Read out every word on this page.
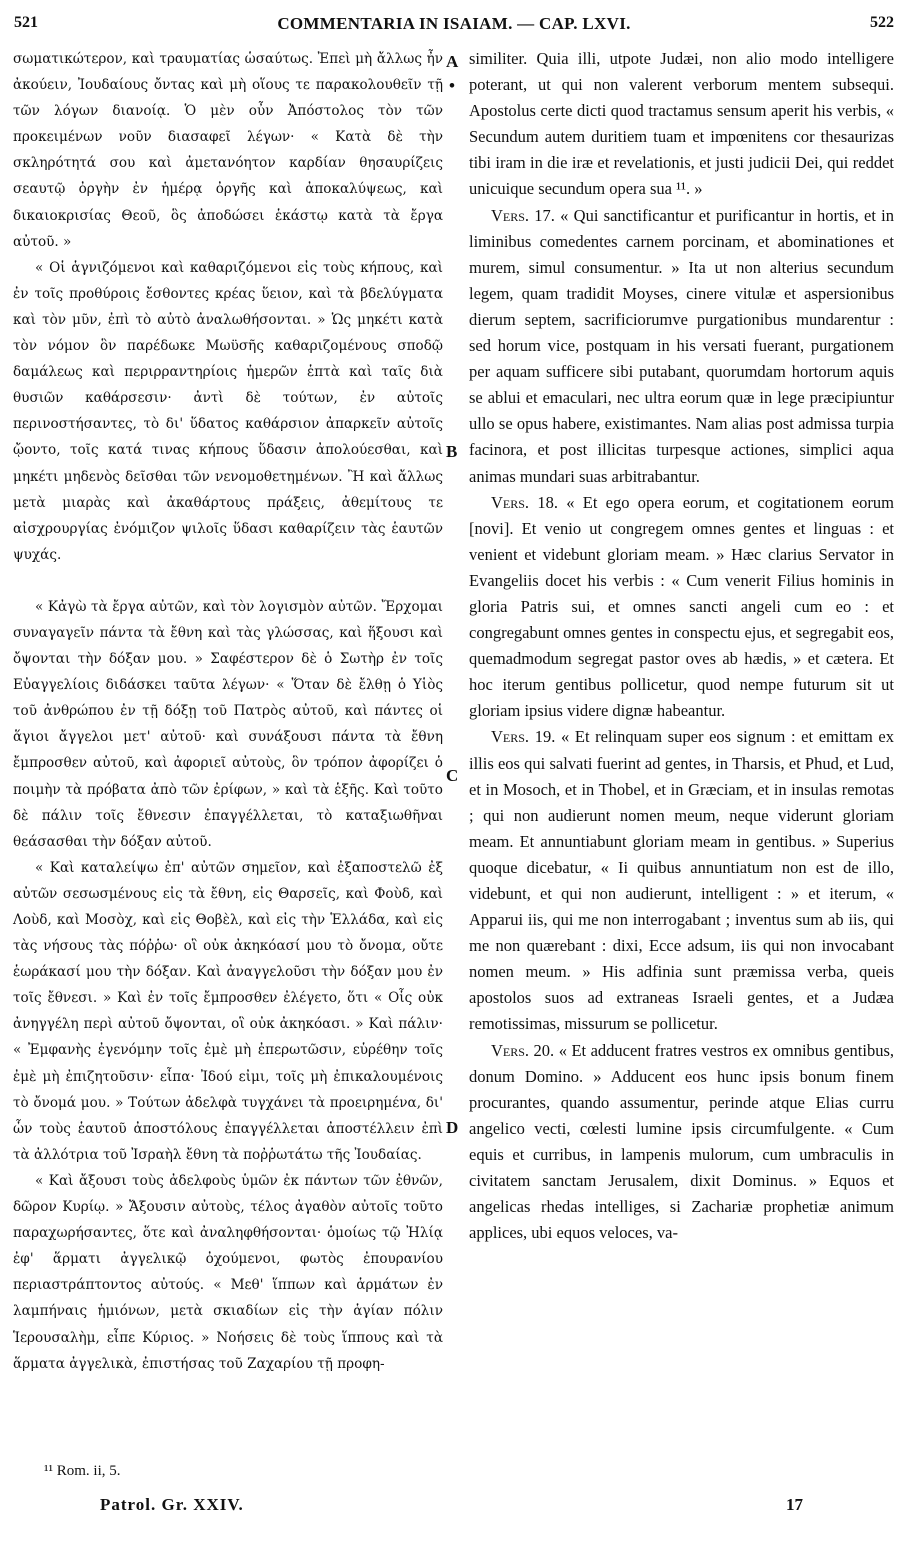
521	COMMENTARIA IN ISAIAM. — CAP. LXVI.	522

σωματικώτερον, καὶ τραυματίας ὡσαύτως. Ἐπεὶ μὴ ἄλλως ἦν ἀκούειν, Ἰουδαίους ὄντας καὶ μὴ οἵους τε παρακολουθεῖν τῇ τῶν λόγων διανοίᾳ. Ὁ μὲν οὖν Ἀπόστολος τὸν τῶν προκειμένων νοῦν διασαφεῖ λέγων· « Κατὰ δὲ τὴν σκληρότητά σου καὶ ἀμετανόητον καρδίαν θησαυρίζεις σεαυτῷ ὀργὴν ἐν ἡμέρᾳ ὀργῆς καὶ ἀποκαλύψεως, καὶ δικαιοκρισίας Θεοῦ, ὃς ἀποδώσει ἑκάστῳ κατὰ τὰ ἔργα αὐτοῦ. »

« Οἱ ἁγνιζόμενοι καὶ καθαριζόμενοι εἰς τοὺς κήπους, καὶ ἐν τοῖς προθύροις ἔσθοντες κρέας ὕειον, καὶ τὰ βδελύγματα καὶ τὸν μῦν, ἐπὶ τὸ αὐτὸ ἀναλωθήσονται. » Ὡς μηκέτι κατὰ τὸν νόμον ὃν παρέδωκε Μωϋσῆς καθαριζομένους σποδῷ δαμάλεως καὶ περιρραντηρίοις ἡμερῶν ἑπτὰ καὶ ταῖς διὰ θυσιῶν καθάρσεσιν· ἀντὶ δὲ τούτων, ἐν αὐτοῖς περινοστήσαντες, τὸ δι' ὕδατος καθάρσιον ἀπαρκεῖν αὐτοῖς ᾤοντο, τοῖς κατά τινας κήπους ὕδασιν ἀπολούεσθαι, καὶ μηκέτι μηδενὸς δεῖσθαι τῶν νενομοθετημένων. Ἢ καὶ ἄλλως μετὰ μιαρὰς καὶ ἀκαθάρτους πράξεις, ἀθεμίτους τε αἰσχρουργίας ἐνόμιζον ψιλοῖς ὕδασι καθαρίζειν τὰς ἑαυτῶν ψυχάς.

« Κἀγὼ τὰ ἔργα αὐτῶν, καὶ τὸν λογισμὸν αὐτῶν. Ἔρχομαι συναγαγεῖν πάντα τὰ ἔθνη καὶ τὰς γλώσσας, καὶ ἥξουσι καὶ ὄψονται τὴν δόξαν μου. » Σαφέστερον δὲ ὁ Σωτὴρ ἐν τοῖς Εὐαγγελίοις διδάσκει ταῦτα λέγων· « Ὅταν δὲ ἔλθῃ ὁ Υἱὸς τοῦ ἀνθρώπου ἐν τῇ δόξῃ τοῦ Πατρὸς αὐτοῦ, καὶ πάντες οἱ ἅγιοι ἄγγελοι μετ' αὐτοῦ· καὶ συνάξουσι πάντα τὰ ἔθνη ἔμπροσθεν αὐτοῦ, καὶ ἀφοριεῖ αὐτοὺς, ὃν τρόπον ἀφορίζει ὁ ποιμὴν τὰ πρόβατα ἀπὸ τῶν ἐρίφων, » καὶ τὰ ἑξῆς. Καὶ τοῦτο δὲ πάλιν τοῖς ἔθνεσιν ἐπαγγέλλεται, τὸ καταξιωθῆναι θεάσασθαι τὴν δόξαν αὐτοῦ.

« Καὶ καταλείψω ἐπ' αὐτῶν σημεῖον, καὶ ἐξαποστελῶ ἐξ αὐτῶν σεσωσμένους εἰς τὰ ἔθνη, εἰς Θαρσεῖς, καὶ Φοὺδ, καὶ Λοὺδ, καὶ Μοσὸχ, καὶ εἰς Θοβὲλ, καὶ εἰς τὴν Ἑλλάδα, καὶ εἰς τὰς νήσους τὰς πόῤῥω· οἳ οὐκ ἀκηκόασί μου τὸ ὄνομα, οὔτε ἑωράκασί μου τὴν δόξαν. Καὶ ἀναγγελοῦσι τὴν δόξαν μου ἐν τοῖς ἔθνεσι. » Καὶ ἐν τοῖς ἔμπροσθεν ἐλέγετο, ὅτι « Οἷς οὐκ ἀνηγγέλη περὶ αὐτοῦ ὄψονται, οἳ οὐκ ἀκηκόασι. » Καὶ πάλιν· « Ἐμφανὴς ἐγενόμην τοῖς ἐμὲ μὴ ἐπερωτῶσιν, εὑρέθην τοῖς ἐμὲ μὴ ἐπιζητοῦσιν· εἶπα· Ἰδού εἰμι, τοῖς μὴ ἐπικαλουμένοις τὸ ὄνομά μου. » Τούτων ἀδελφὰ τυγχάνει τὰ προειρημένα, δι' ὧν τοὺς ἑαυτοῦ ἀποστόλους ἐπαγγέλλεται ἀποστέλλειν ἐπὶ τὰ ἀλλότρια τοῦ Ἰσραὴλ ἔθνη τὰ ποῤῥωτάτω τῆς Ἰουδαίας.

« Καὶ ἄξουσι τοὺς ἀδελφοὺς ὑμῶν ἐκ πάντων τῶν ἐθνῶν, δῶρον Κυρίῳ. » Ἄξουσιν αὐτοὺς, τέλος ἀγαθὸν αὐτοῖς τοῦτο παραχωρήσαντες, ὅτε καὶ ἀναληφθήσονται· ὁμοίως τῷ Ἠλίᾳ ἐφ' ἅρματι ἀγγελικῷ ὀχούμενοι, φωτὸς ἐπουρανίου περιαστράπτοντος αὐτούς. « Μεθ' ἵππων καὶ ἁρμάτων ἐν λαμπήναις ἡμιόνων, μετὰ σκιαδίων εἰς τὴν ἁγίαν πόλιν Ἱερουσαλὴμ, εἶπε Κύριος. » Νοήσεις δὲ τοὺς ἵππους καὶ τὰ ἅρματα ἀγγελικὰ, ἐπιστήσας τοῦ Ζαχαρίου τῇ προφη-

similiter. Quia illi, utpote Judæi, non alio modo intelligere poterant, ut qui non valerent verborum mentem subsequi. Apostolus certe dicti quod tractamus sensum aperit his verbis, « Secundum autem duritiem tuam et impœnitens cor thesaurizas tibi iram in die iræ et revelationis, et justi judicii Dei, qui reddet unicuique secundum opera sua ¹¹. »

Vers. 17. « Qui sanctificantur et purificantur in hortis, et in liminibus comedentes carnem porcinam, et abominationes et murem, simul consumentur. » Ita ut non alterius secundum legem, quam tradidit Moyses, cinere vitulæ et aspersionibus dierum septem, sacrificiorumve purgationibus mundarentur : sed horum vice, postquam in his versati fuerant, purgationem per aquam sufficere sibi putabant, quorumdam hortorum aquis se ablui et emaculari, nec ultra eorum quæ in lege præcipiuntur ullo se opus habere, existimantes. Nam alias post admissa turpia facinora, et post illicitas turpesque actiones, simplici aqua animas mundari suas arbitrabantur.

Vers. 18. « Et ego opera eorum, et cogitationem eorum [novi]. Et venio ut congregem omnes gentes et linguas : et venient et videbunt gloriam meam. » Hæc clarius Servator in Evangeliis docet his verbis : « Cum venerit Filius hominis in gloria Patris sui, et omnes sancti angeli cum eo : et congregabunt omnes gentes in conspectu ejus, et segregabit eos, quemadmodum segregat pastor oves ab hædis, » et cætera. Et hoc iterum gentibus pollicetur, quod nempe futurum sit ut gloriam ipsius videre dignæ habeantur.

Vers. 19. « Et relinquam super eos signum : et emittam ex illis eos qui salvati fuerint ad gentes, in Tharsis, et Phud, et Lud, et in Mosoch, et in Thobel, et in Græciam, et in insulas remotas ; qui non audierunt nomen meum, neque viderunt gloriam meam. Et annuntiabunt gloriam meam in gentibus. » Superius quoque dicebatur, « Ii quibus annuntiatum non est de illo, videbunt, et qui non audierunt, intelligent : » et iterum, « Apparui iis, qui me non interrogabant ; inventus sum ab iis, qui me non quærebant : dixi, Ecce adsum, iis qui non invocabant nomen meum. » His adfinia sunt præmissa verba, queis apostolos suos ad extraneas Israeli gentes, et a Judæa remotissimas, missurum se pollicetur.

Vers. 20. « Et adducent fratres vestros ex omnibus gentibus, donum Domino. » Adducent eos hunc ipsis bonum finem procurantes, quando assumentur, perinde atque Elias curru angelico vecti, cœlesti lumine ipsis circumfulgente. « Cum equis et curribus, in lampenis mulorum, cum umbraculis in civitatem sanctam Jerusalem, dixit Dominus. » Equos et angelicas rhedas intelliges, si Zachariæ prophetiæ animum applices, ubi equos veloces, va-

A
•
B
C
D
¹¹ Rom. ii, 5.
Patrol. Gr. XXIV.	17
